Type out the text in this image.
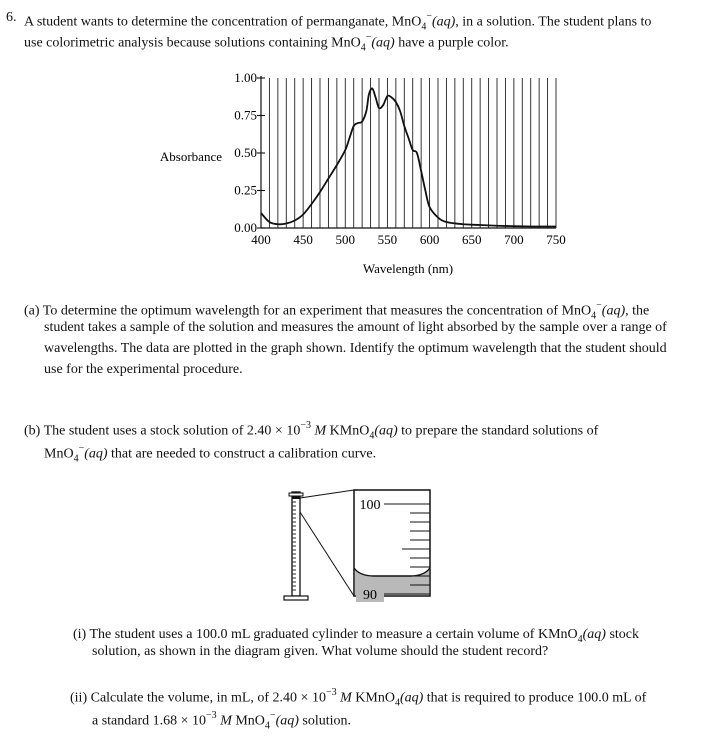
6. A student wants to determine the concentration of permanganate, MnO$_4$−(aq), in a solution. The student plans to
use colorimetric analysis because solutions containing MnO$_4$−(aq) have a purple color.
0.00
0.25
0.50
0.75
1.00
400 450 500 550 600 650 700 750
Absorbance
Wavelength (nm)
(a) To determine the optimum wavelength for an experiment that measures the concentration of MnO$_4$−(aq), the
student takes a sample of the solution and measures the amount of light absorbed by the sample over a range of
wavelengths. The data are plotted in the graph shown. Identify the optimum wavelength that the student should
use for the experimental procedure.
(b) The student uses a stock solution of $2.40 \times 10^{-3}$ M KMnO$_4$(aq) to prepare the standard solutions of
MnO$_4$−(aq) that are needed to construct a calibration curve.
100
90
(i) The student uses a 100.0 mL graduated cylinder to measure a certain volume of KMnO$_4$(aq) stock
solution, as shown in the diagram given. What volume should the student record?
(ii) Calculate the volume, in mL, of $2.40 \times 10^{-3}$ M KMnO$_4$(aq) that is required to produce 100.0 mL of
a standard $1.68 \times 10^{-3}$ M MnO$_4$−(aq) solution.
